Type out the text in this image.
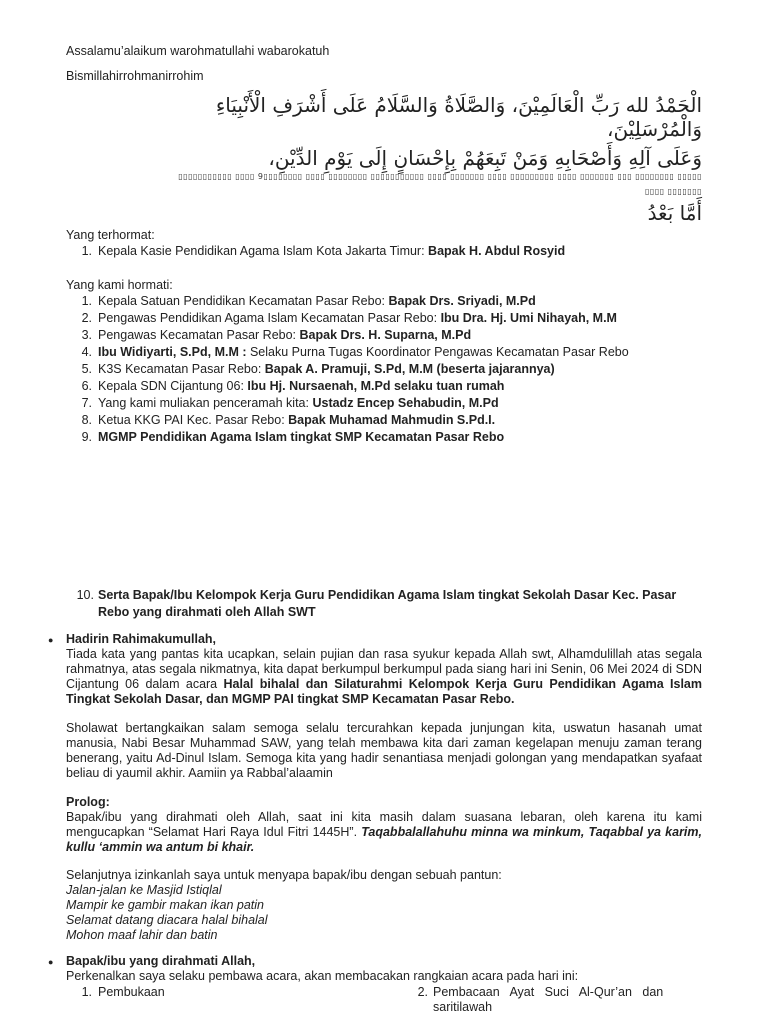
Assalamu’alaikum warohmatullahi wabarokatuh
Bismillahirrohmanirrohim
الْحَمْدُ لله رَبِّ الْعَالَمِيْنَ، وَالصَّلَاةُ وَالسَّلَامُ عَلَى أَشْرَفِ الْأَنْبِيَاءِ
وَالْمُرْسَلِيْنَ،
وَعَلَى آلِهِ وَأَصْحَابِهِ وَمَنْ تَبِعَهُمْ بِإِحْسَانٍ إِلَى يَوْمِ الدِّيْنِ،
▯▯▯▯▯ ▯▯▯▯▯▯▯▯ ▯▯▯ ▯▯▯▯▯▯▯ ▯▯▯▯ ▯▯▯▯▯▯▯▯▯ ▯▯▯▯ ▯▯▯▯▯▯▯ ▯▯▯▯ ▯▯▯▯▯▯▯▯▯▯▯ ▯▯▯▯▯▯▯▯ ▯▯▯▯ ▯▯▯▯▯▯▯▯9 ▯▯▯▯ ▯▯▯▯▯▯▯▯▯▯▯
▯▯▯▯▯▯▯ ▯▯▯▯
أَمَّا بَعْدُ
Yang terhormat:
1. Kepala Kasie Pendidikan Agama Islam Kota Jakarta Timur: Bapak H. Abdul Rosyid
Yang kami hormati:
1. Kepala Satuan Pendidikan Kecamatan Pasar Rebo: Bapak Drs. Sriyadi, M.Pd
2. Pengawas Pendidikan Agama Islam Kecamatan Pasar Rebo: Ibu Dra. Hj. Umi Nihayah, M.M
3. Pengawas Kecamatan Pasar Rebo: Bapak Drs. H. Suparna, M.Pd
4. Ibu Widiyarti, S.Pd, M.M : Selaku Purna Tugas Koordinator Pengawas Kecamatan Pasar Rebo
5. K3S Kecamatan Pasar Rebo: Bapak A. Pramuji, S.Pd, M.M (beserta jajarannya)
6. Kepala SDN Cijantung 06: Ibu Hj. Nursaenah, M.Pd selaku tuan rumah
7. Yang kami muliakan penceramah kita: Ustadz Encep Sehabudin, M.Pd
8. Ketua KKG PAI Kec. Pasar Rebo: Bapak Muhamad Mahmudin S.Pd.I.
9. MGMP Pendidikan Agama Islam tingkat SMP Kecamatan Pasar Rebo
10. Serta Bapak/Ibu Kelompok Kerja Guru Pendidikan Agama Islam tingkat Sekolah Dasar Kec. Pasar
Rebo yang dirahmati oleh Allah SWT
● Hadirin Rahimakumullah,

Tiada kata yang pantas kita ucapkan, selain pujian dan rasa syukur kepada Allah swt, Alhamdulillah atas segala rahmatnya, atas segala nikmatnya, kita dapat berkumpul berkumpul pada siang hari ini Senin, 06 Mei 2024 di SDN Cijantung 06 dalam acara Halal bihalal dan Silaturahmi Kelompok Kerja Guru Pendidikan Agama Islam Tingkat Sekolah Dasar, dan MGMP PAI tingkat SMP Kecamatan Pasar Rebo.

Sholawat bertangkaikan salam semoga selalu tercurahkan kepada junjungan kita, uswatun hasanah umat manusia, Nabi Besar Muhammad SAW, yang telah membawa kita dari zaman kegelapan menuju zaman terang benerang, yaitu Ad-Dinul Islam. Semoga kita yang hadir senantiasa menjadi golongan yang mendapatkan syafaat beliau di yaumil akhir. Aamiin ya Rabbal’alaamin

Prolog:

Bapak/ibu yang dirahmati oleh Allah, saat ini kita masih dalam suasana lebaran, oleh karena itu kami mengucapkan “Selamat Hari Raya Idul Fitri 1445H”. Taqabbalallahuhu minna wa minkum, Taqabbal ya karim, kullu ‘ammin wa antum bi khair.

Selanjutnya izinkanlah saya untuk menyapa bapak/ibu dengan sebuah pantun:
Jalan-jalan ke Masjid Istiqlal
Mampir ke gambir makan ikan patin
Selamat datang diacara halal bihalal
Mohon maaf lahir dan batin
● Bapak/ibu yang dirahmati Allah,
Perkenalkan saya selaku pembawa acara, akan membacakan rangkaian acara pada hari ini:
1. Pembukaan	2. Pembacaan   Ayat   Suci   Al-Qur’an   dan
saritilawah
